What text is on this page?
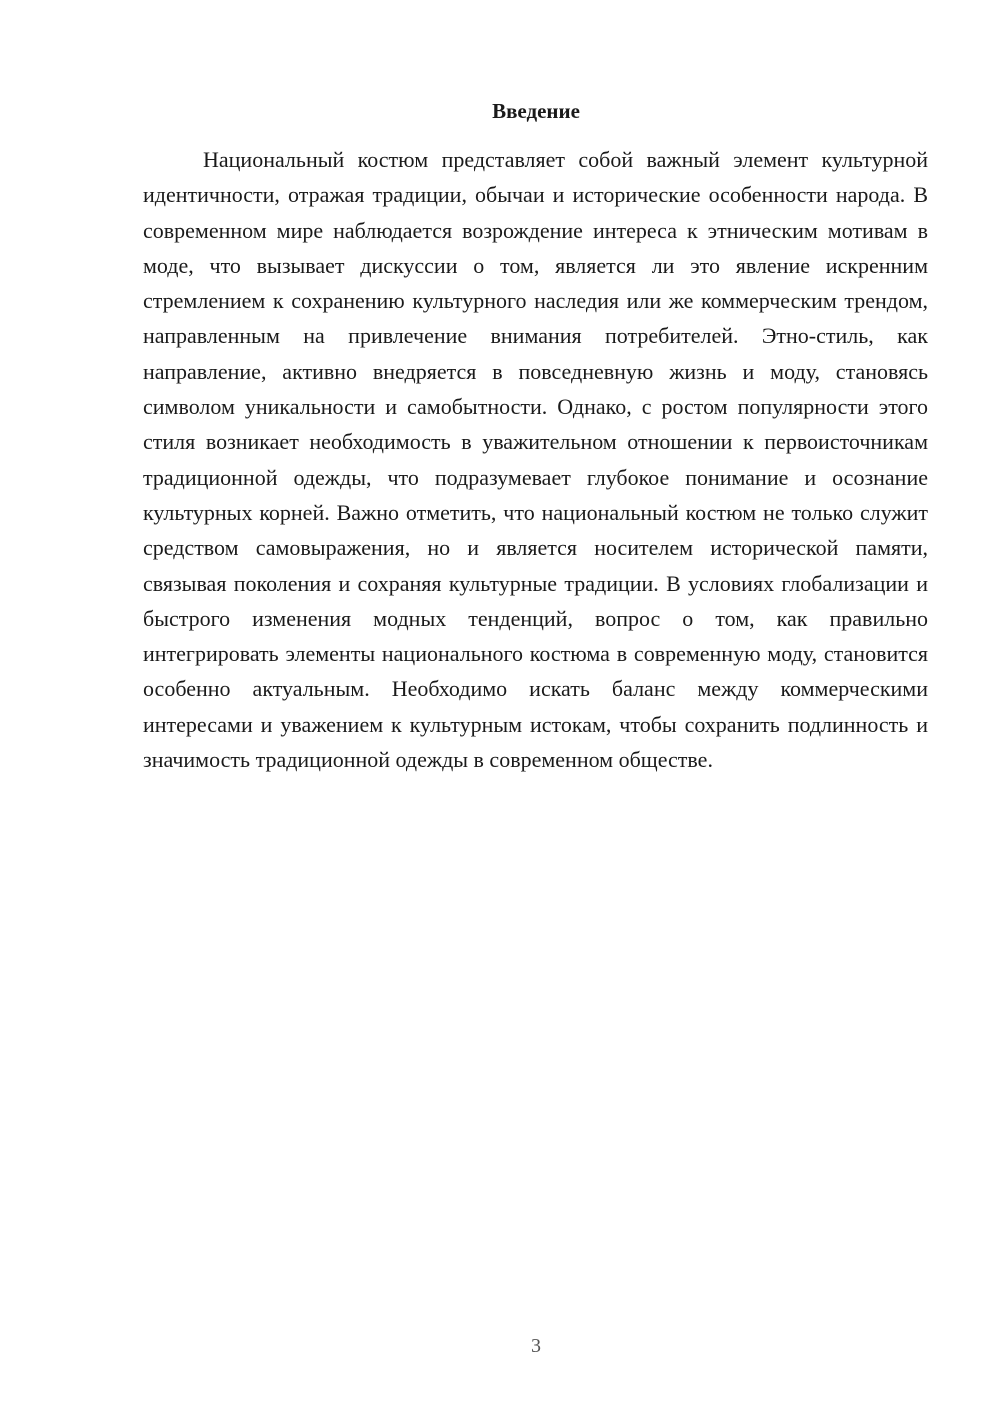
Введение

Национальный костюм представляет собой важный элемент культурной идентичности, отражая традиции, обычаи и исторические особенности народа. В современном мире наблюдается возрождение интереса к этническим мотивам в моде, что вызывает дискуссии о том, является ли это явление искренним стремлением к сохранению культурного наследия или же коммерческим трендом, направленным на привлечение внимания потребителей. Этно-стиль, как направление, активно внедряется в повседневную жизнь и моду, становясь символом уникальности и самобытности. Однако, с ростом популярности этого стиля возникает необходимость в уважительном отношении к первоисточникам традиционной одежды, что подразумевает глубокое понимание и осознание культурных корней. Важно отметить, что национальный костюм не только служит средством самовыражения, но и является носителем исторической памяти, связывая поколения и сохраняя культурные традиции. В условиях глобализации и быстрого изменения модных тенденций, вопрос о том, как правильно интегрировать элементы национального костюма в современную моду, становится особенно актуальным. Необходимо искать баланс между коммерческими интересами и уважением к культурным истокам, чтобы сохранить подлинность и значимость традиционной одежды в современном обществе.

3
